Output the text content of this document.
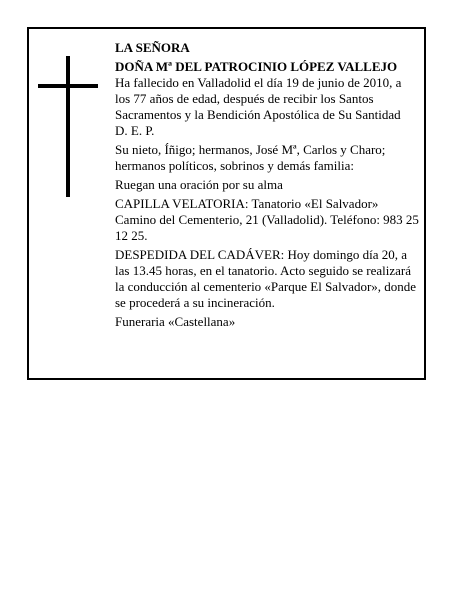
LA SEÑORA

DOÑA Mª DEL PATROCINIO LÓPEZ VALLEJO

Ha fallecido en Valladolid el día 19 de junio de 2010, a los 77 años de edad, después de recibir los Santos Sacramentos y la Bendición Apostólica de Su Santidad

D. E. P.

Su nieto, Íñigo; hermanos, José Mª, Carlos y Charo; hermanos políticos, sobrinos y demás familia:

Ruegan una oración por su alma

CAPILLA VELATORIA: Tanatorio «El Salvador» Camino del Cementerio, 21 (Valladolid). Teléfono: 983 25 12 25.

DESPEDIDA DEL CADÁVER: Hoy domingo día 20, a las 13.45 horas, en el tanatorio. Acto seguido se realizará la conducción al cementerio «Parque El Salvador», donde se procederá a su incineración.

Funeraria «Castellana»
